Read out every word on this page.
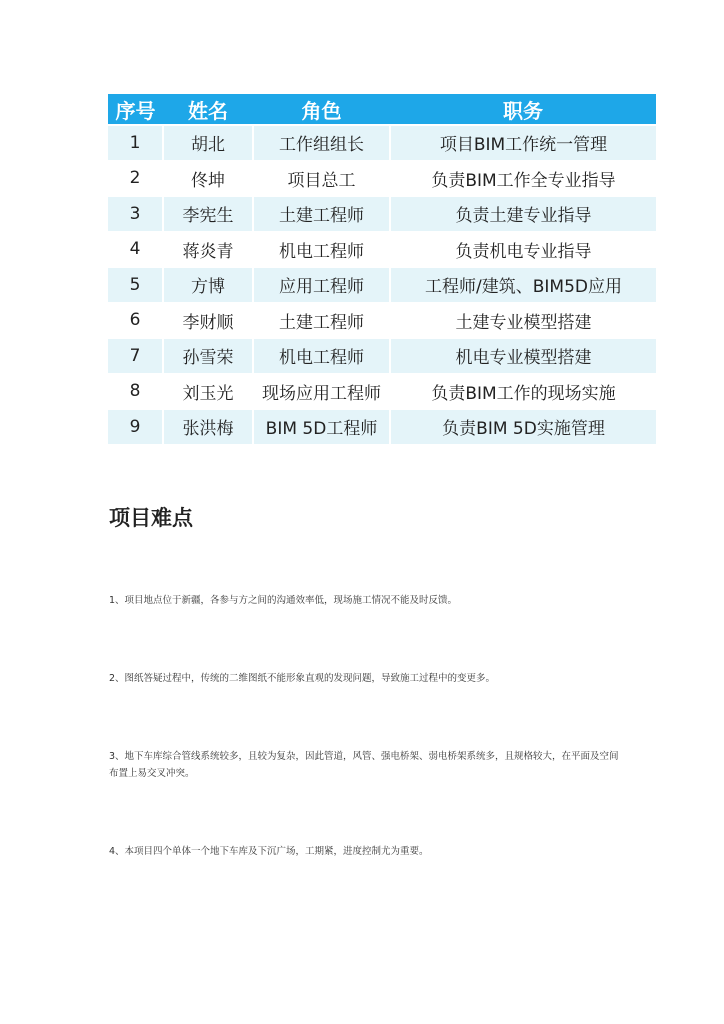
序号	姓名	角色	职务
1	胡北	工作组组长	项目BIM工作统一管理
2	佟坤	项目总工	负责BIM工作全专业指导
3	李宪生	土建工程师	负责土建专业指导
4	蒋炎青	机电工程师	负责机电专业指导
5	方博	应用工程师	工程师/建筑、BIM5D应用
6	李财顺	土建工程师	土建专业模型搭建
7	孙雪荣	机电工程师	机电专业模型搭建
8	刘玉光	现场应用工程师	负责BIM工作的现场实施
9	张洪梅	BIM 5D工程师	负责BIM 5D实施管理
项目难点

1、项目地点位于新疆，各参与方之间的沟通效率低，现场施工情况不能及时反馈。

2、图纸答疑过程中，传统的二维图纸不能形象直观的发现问题，导致施工过程中的变更多。

3、地下车库综合管线系统较多，且较为复杂，因此管道，风管、强电桥架、弱电桥架系统多，且规格较大，在平面及空间布置上易交叉冲突。

4、本项目四个单体一个地下车库及下沉广场，工期紧，进度控制尤为重要。
